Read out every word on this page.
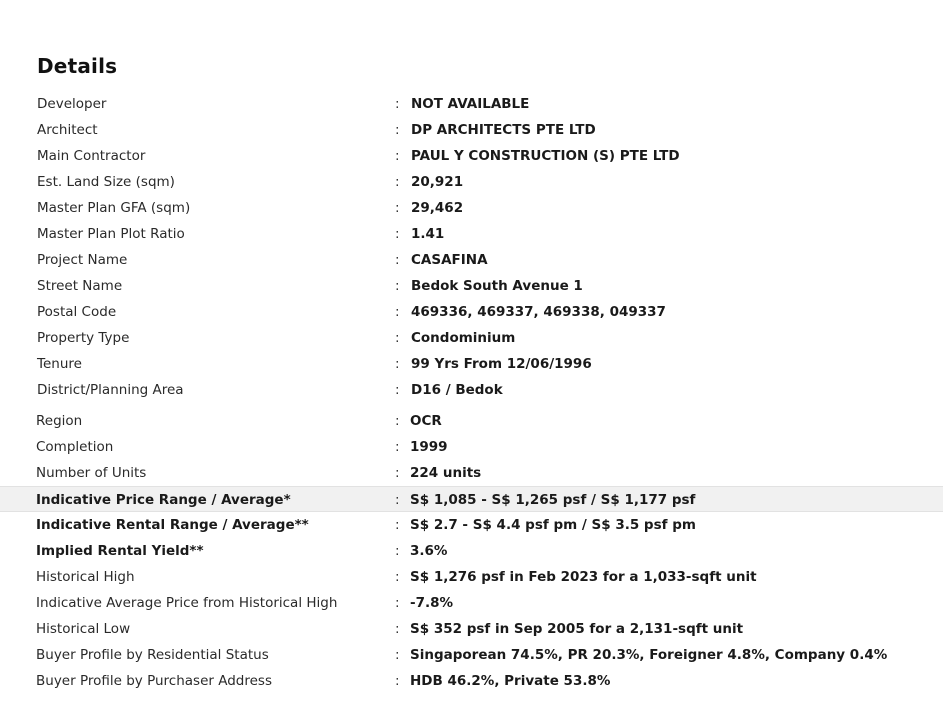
Details
Developer	: NOT AVAILABLE
Architect	: DP ARCHITECTS PTE LTD
Main Contractor	: PAUL Y CONSTRUCTION (S) PTE LTD
Est. Land Size (sqm)	: 20,921
Master Plan GFA (sqm)	: 29,462
Master Plan Plot Ratio	: 1.41
Project Name	: CASAFINA
Street Name	: Bedok South Avenue 1
Postal Code	: 469336, 469337, 469338, 049337
Property Type	: Condominium
Tenure	: 99 Yrs From 12/06/1996
District/Planning Area	: D16 / Bedok
Region	: OCR
Completion	: 1999
Number of Units	: 224 units
Indicative Price Range / Average*	: S$ 1,085 - S$ 1,265 psf / S$ 1,177 psf
Indicative Rental Range / Average**	: S$ 2.7 - S$ 4.4 psf pm / S$ 3.5 psf pm
Implied Rental Yield**	: 3.6%
Historical High	: S$ 1,276 psf in Feb 2023 for a 1,033-sqft unit
Indicative Average Price from Historical High	: -7.8%
Historical Low	: S$ 352 psf in Sep 2005 for a 2,131-sqft unit
Buyer Profile by Residential Status	: Singaporean 74.5%, PR 20.3%, Foreigner 4.8%, Company 0.4%
Buyer Profile by Purchaser Address	: HDB 46.2%, Private 53.8%
